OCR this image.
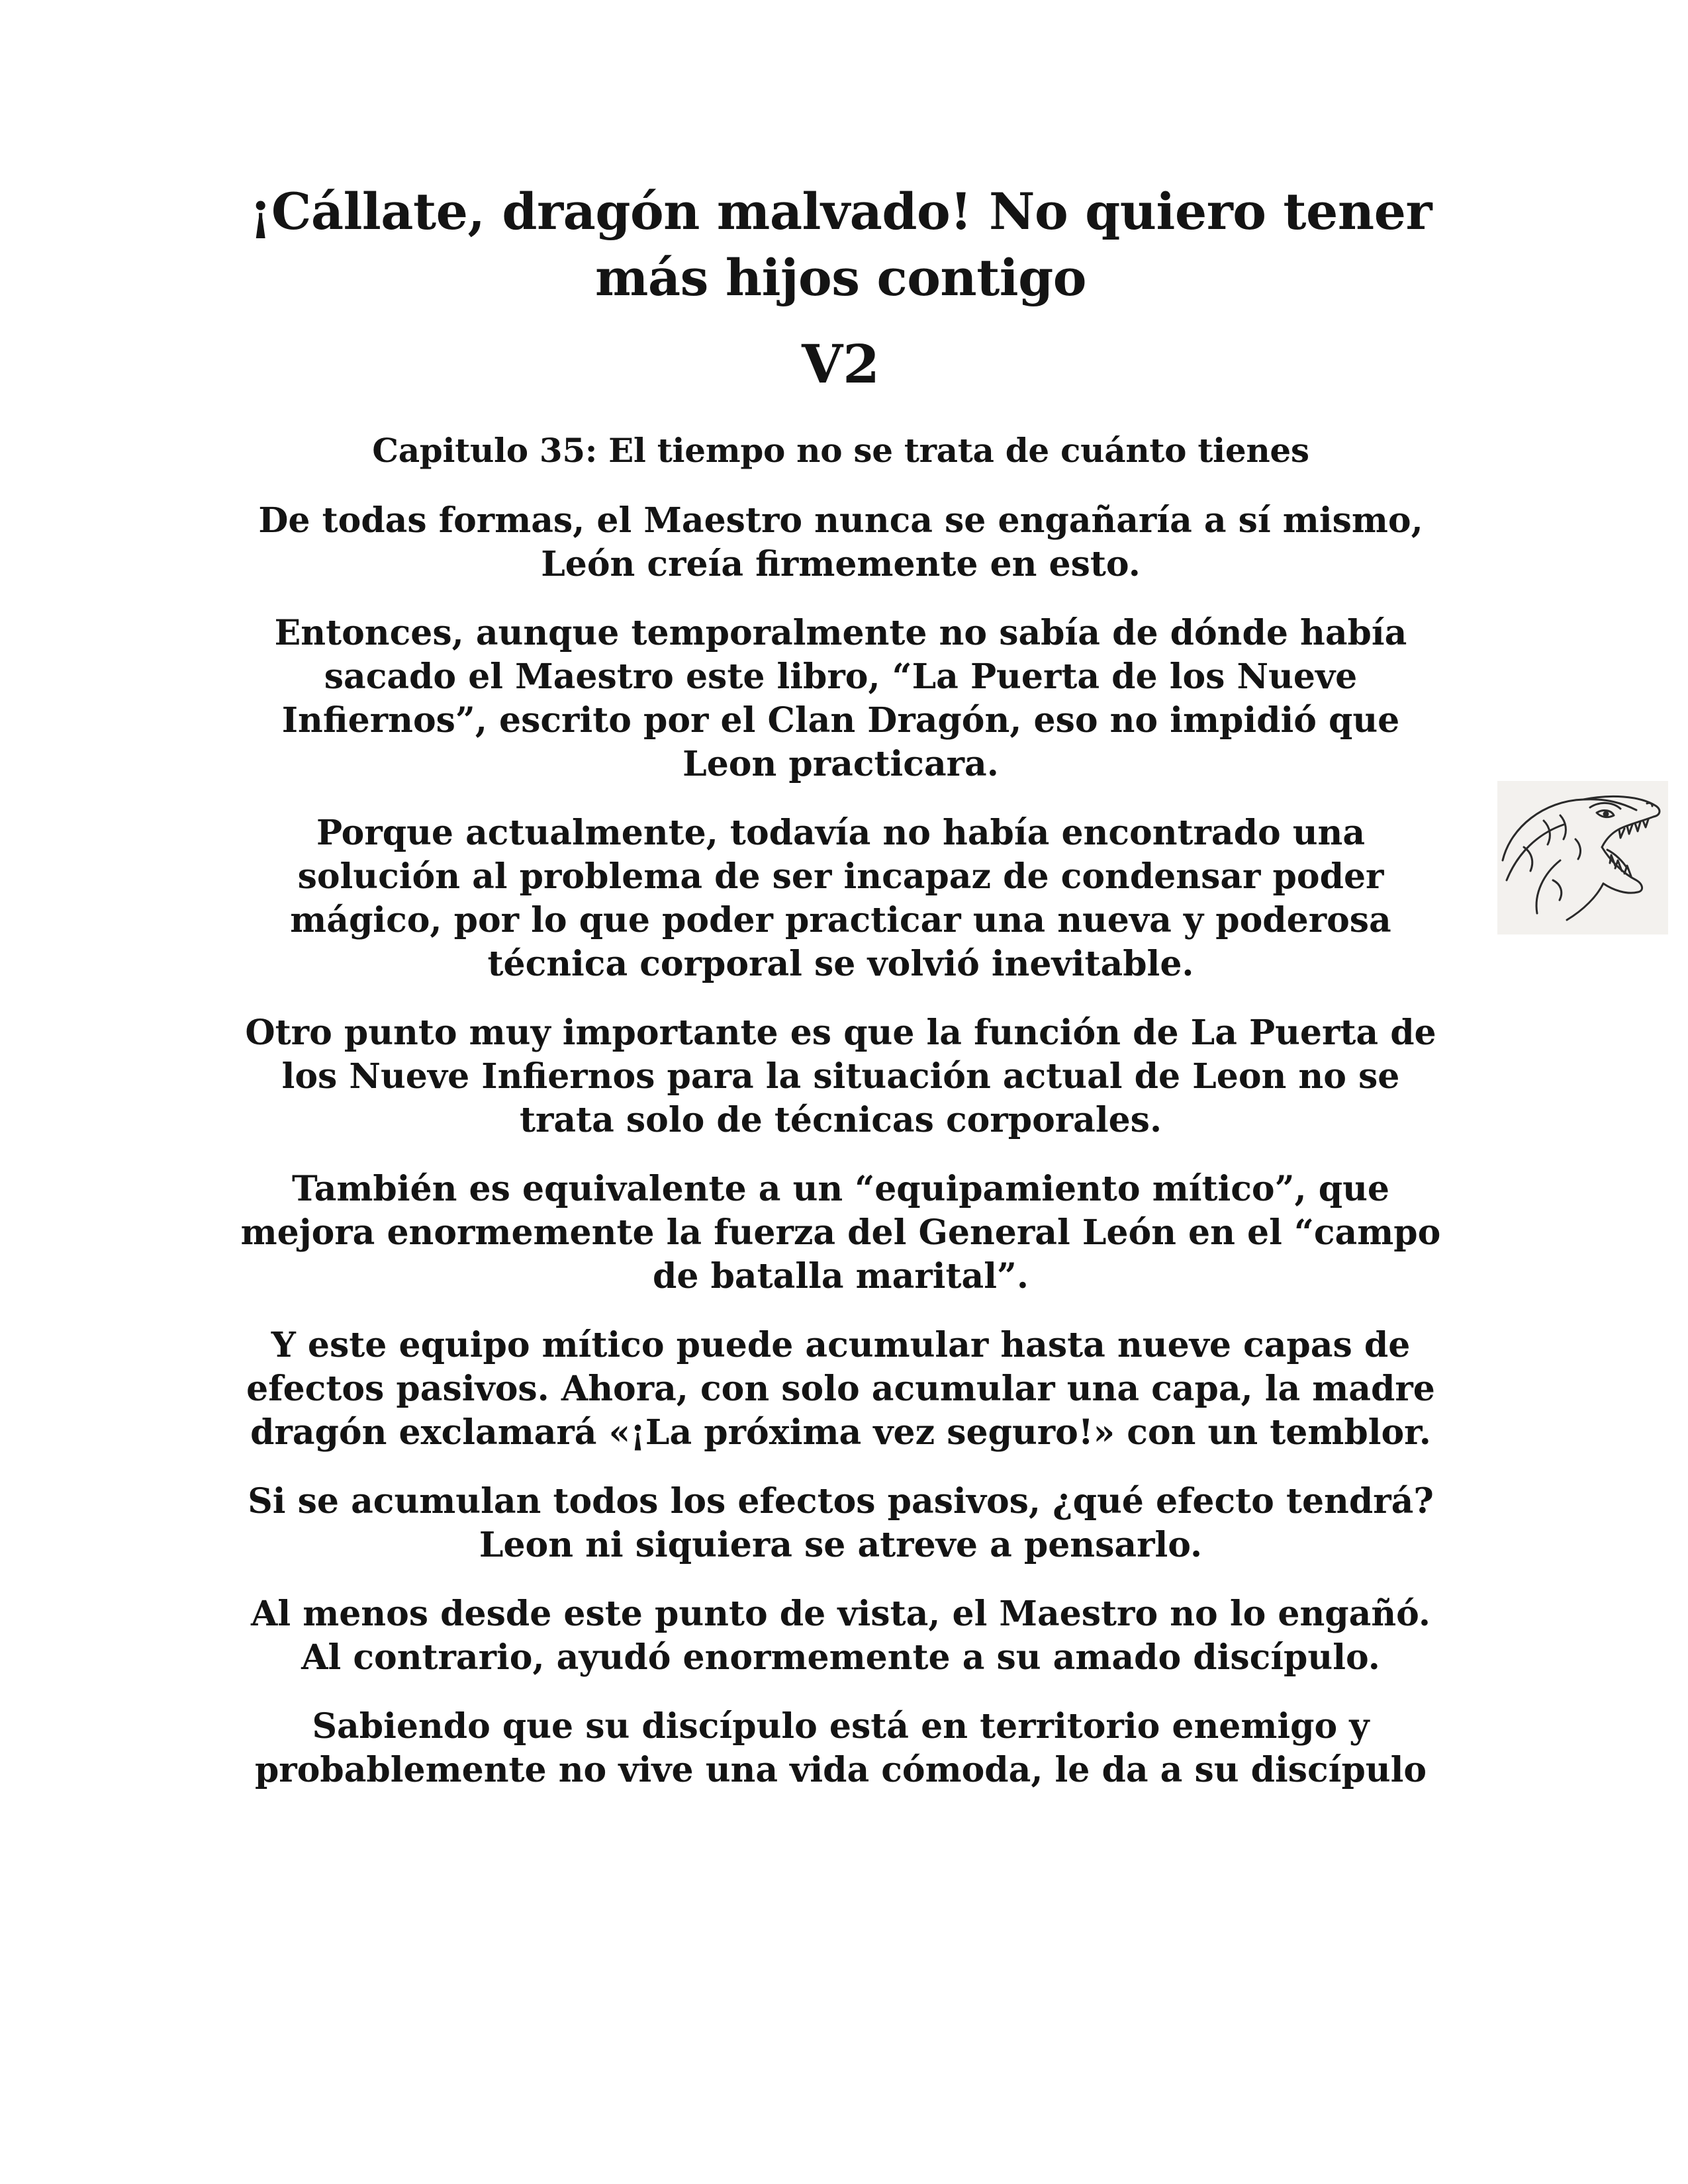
¡Cállate, dragón malvado! No quiero tener
más hijos contigo
V2
Capitulo 35: El tiempo no se trata de cuánto tienes
De todas formas, el Maestro nunca se engañaría a sí mismo,
León creía firmemente en esto.
Entonces, aunque temporalmente no sabía de dónde había
sacado el Maestro este libro, “La Puerta de los Nueve
Infiernos”, escrito por el Clan Dragón, eso no impidió que
Leon practicara.
Porque actualmente, todavía no había encontrado una
solución al problema de ser incapaz de condensar poder
mágico, por lo que poder practicar una nueva y poderosa
técnica corporal se volvió inevitable.
Otro punto muy importante es que la función de La Puerta de
los Nueve Infiernos para la situación actual de Leon no se
trata solo de técnicas corporales.
También es equivalente a un “equipamiento mítico”, que
mejora enormemente la fuerza del General León en el “campo
de batalla marital”.
Y este equipo mítico puede acumular hasta nueve capas de
efectos pasivos. Ahora, con solo acumular una capa, la madre
dragón exclamará «¡La próxima vez seguro!» con un temblor.
Si se acumulan todos los efectos pasivos, ¿qué efecto tendrá?
Leon ni siquiera se atreve a pensarlo.
Al menos desde este punto de vista, el Maestro no lo engañó.
Al contrario, ayudó enormemente a su amado discípulo.
Sabiendo que su discípulo está en territorio enemigo y
probablemente no vive una vida cómoda, le da a su discípulo
